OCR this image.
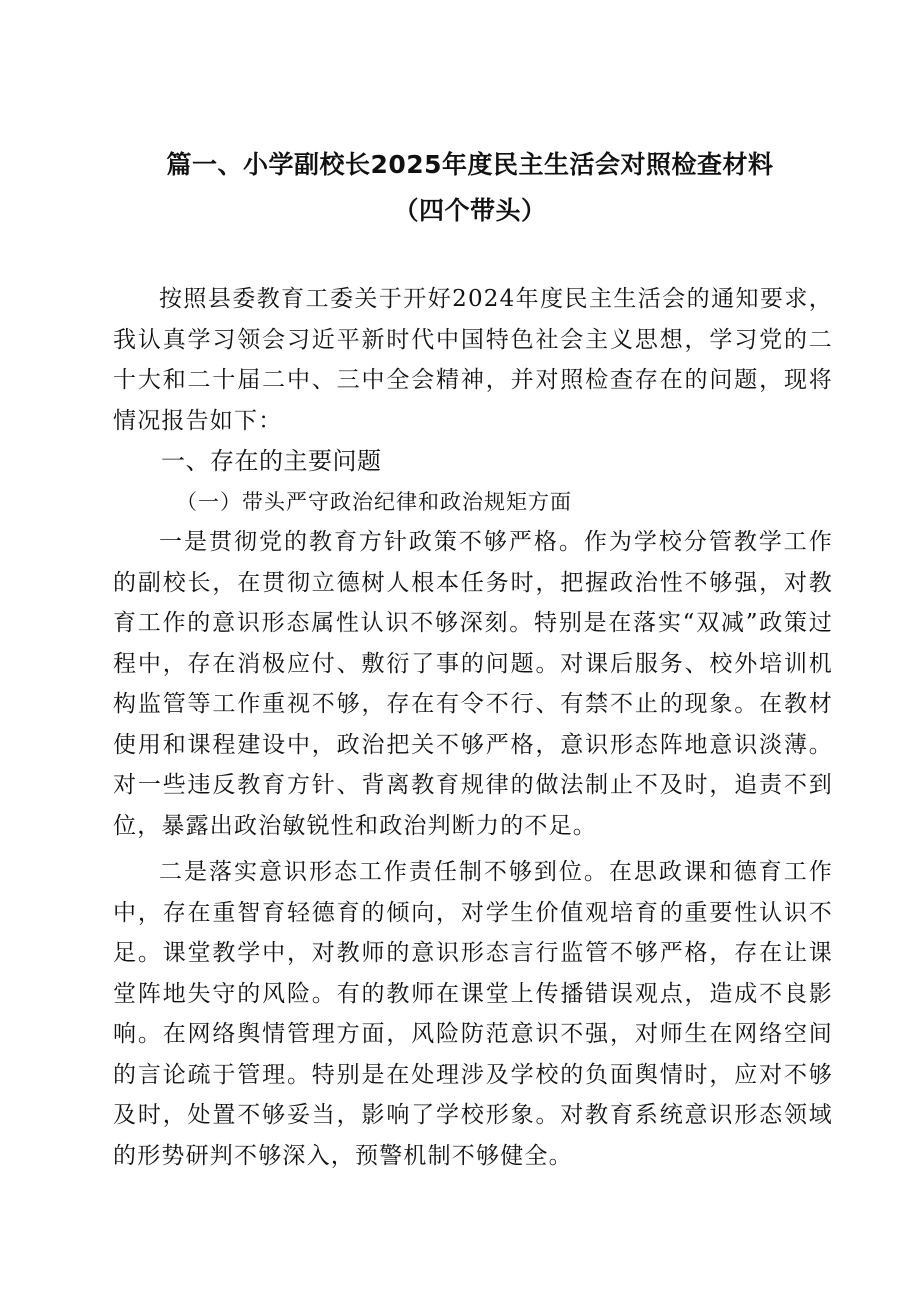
篇一、小学副校长2025年度民主生活会对照检查材料（四个带头）

按照县委教育工委关于开好2024年度民主生活会的通知要求，我认真学习领会习近平新时代中国特色社会主义思想，学习党的二十大和二十届二中、三中全会精神，并对照检查存在的问题，现将情况报告如下：

一、存在的主要问题
（一）带头严守政治纪律和政治规矩方面

一是贯彻党的教育方针政策不够严格。作为学校分管教学工作的副校长，在贯彻立德树人根本任务时，把握政治性不够强，对教育工作的意识形态属性认识不够深刻。特别是在落实“双减”政策过程中，存在消极应付、敷衍了事的问题。对课后服务、校外培训机构监管等工作重视不够，存在有令不行、有禁不止的现象。在教材使用和课程建设中，政治把关不够严格，意识形态阵地意识淡薄。对一些违反教育方针、背离教育规律的做法制止不及时，追责不到位，暴露出政治敏锐性和政治判断力的不足。

二是落实意识形态工作责任制不够到位。在思政课和德育工作中，存在重智育轻德育的倾向，对学生价值观培育的重要性认识不足。课堂教学中，对教师的意识形态言行监管不够严格，存在让课堂阵地失守的风险。有的教师在课堂上传播错误观点，造成不良影响。在网络舆情管理方面，风险防范意识不强，对师生在网络空间的言论疏于管理。特别是在处理涉及学校的负面舆情时，应对不够及时，处置不够妥当，影响了学校形象。对教育系统意识形态领域的形势研判不够深入，预警机制不够健全。
